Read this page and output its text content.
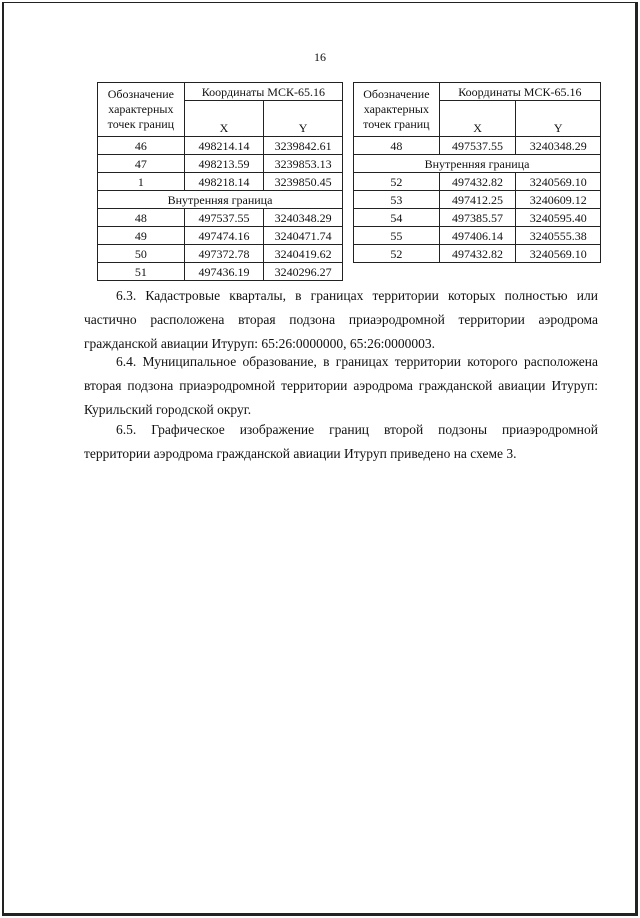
16
Обозначение характерных точек границ	Координаты МСК-65.16	
	X	Y
46	498214.14	3239842.61
47	498213.59	3239853.13
1	498218.14	3239850.45
Внутренняя граница		
48	497537.55	3240348.29
49	497474.16	3240471.74
50	497372.78	3240419.62
51	497436.19	3240296.27
Обозначение характерных точек границ	Координаты МСК-65.16	
	X	Y
48	497537.55	3240348.29
Внутренняя граница		
52	497432.82	3240569.10
53	497412.25	3240609.12
54	497385.57	3240595.40
55	497406.14	3240555.38
52	497432.82	3240569.10
6.3. Кадастровые кварталы, в границах территории которых полностью или частично расположена вторая подзона приаэродромной территории аэродрома гражданской авиации Итуруп: 65:26:0000000, 65:26:0000003.
6.4. Муниципальное образование, в границах территории которого расположена вторая подзона приаэродромной территории аэродрома гражданской авиации Итуруп: Курильский городской округ.
6.5. Графическое изображение границ второй подзоны приаэродромной территории аэродрома гражданской авиации Итуруп приведено на схеме 3.
